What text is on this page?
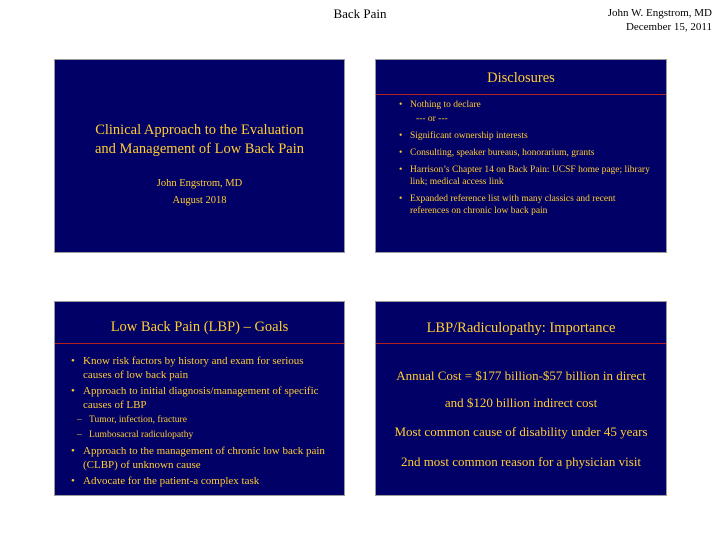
Back Pain	John W. Engstrom, MD
December 15, 2011
Clinical Approach to the Evaluation
and Management of Low Back Pain
John Engstrom, MD
August 2018
Disclosures
• Nothing to declare
--- or ---
• Significant ownership interests
• Consulting, speaker bureaus, honorarium, grants
• Harrison’s Chapter 14 on Back Pain: UCSF home page; library link; medical access link
• Expanded reference list with many classics and recent references on chronic low back pain
Low Back Pain (LBP) – Goals
• Know risk factors by history and exam for serious causes of low back pain
• Approach to initial diagnosis/management of specific causes of LBP
– Tumor, infection, fracture
– Lumbosacral radiculopathy
• Approach to the management of chronic low back pain (CLBP) of unknown cause
• Advocate for the patient-a complex task
LBP/Radiculopathy: Importance
Annual Cost = $177 billion-$57 billion in direct
and $120 billion indirect cost
Most common cause of disability under 45 years
2nd most common reason for a physician visit
